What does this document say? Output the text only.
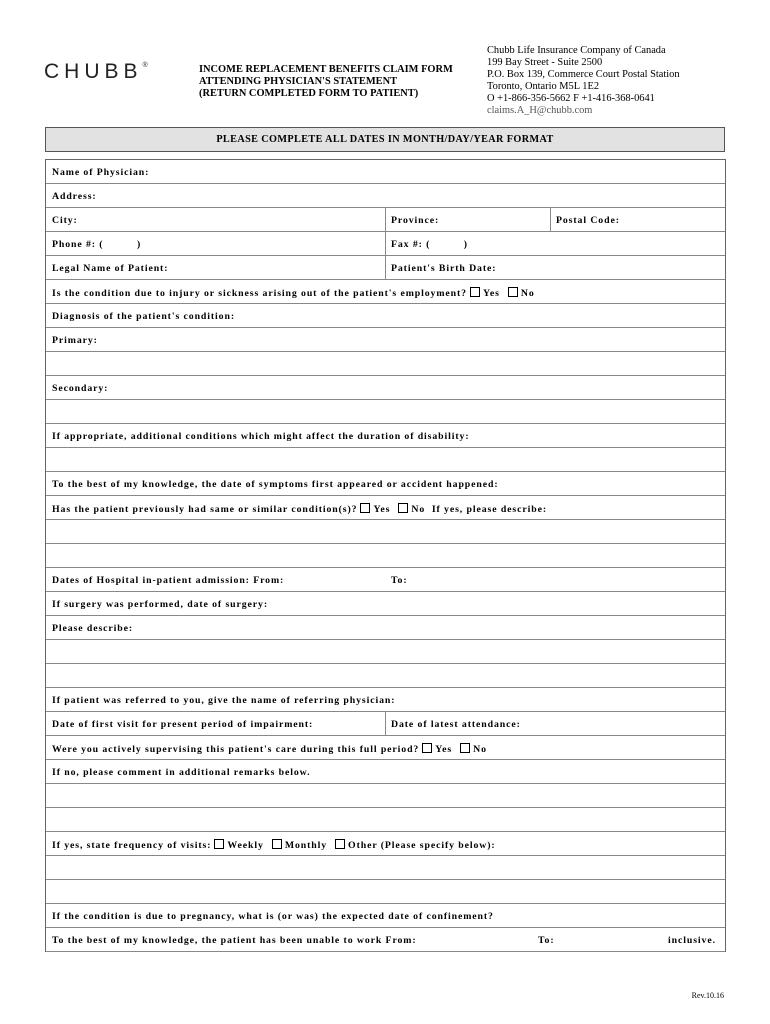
CHUBB®	INCOME REPLACEMENT BENEFITS CLAIM FORM
ATTENDING PHYSICIAN'S STATEMENT
(RETURN COMPLETED FORM TO PATIENT)
Chubb Life Insurance Company of Canada
199 Bay Street - Suite 2500
P.O. Box 139, Commerce Court Postal Station
Toronto, Ontario M5L 1E2
O +1-866-356-5662 F +1-416-368-0641
claims.A_H@chubb.com
PLEASE COMPLETE ALL DATES IN MONTH/DAY/YEAR FORMAT
Name of Physician:
Address:
City:	Province:	Postal Code:
Phone #: (          )	Fax #: (          )
Legal Name of Patient:	Patient's Birth Date:
Is the condition due to injury or sickness arising out of the patient's employment? Yes No
Diagnosis of the patient's condition:
Primary:
Secondary:
If appropriate, additional conditions which might affect the duration of disability:
To the best of my knowledge, the date of symptoms first appeared or accident happened:
Has the patient previously had same or similar condition(s)? Yes No If yes, please describe:
Dates of Hospital in-patient admission: From:	To:
If surgery was performed, date of surgery:
Please describe:
If patient was referred to you, give the name of referring physician:
Date of first visit for present period of impairment:	Date of latest attendance:
Were you actively supervising this patient's care during this full period? Yes No
If no, please comment in additional remarks below.
If yes, state frequency of visits: Weekly Monthly Other (Please specify below):
If the condition is due to pregnancy, what is (or was) the expected date of confinement?
To the best of my knowledge, the patient has been unable to work From:	To:	inclusive.
Rev.10.16
